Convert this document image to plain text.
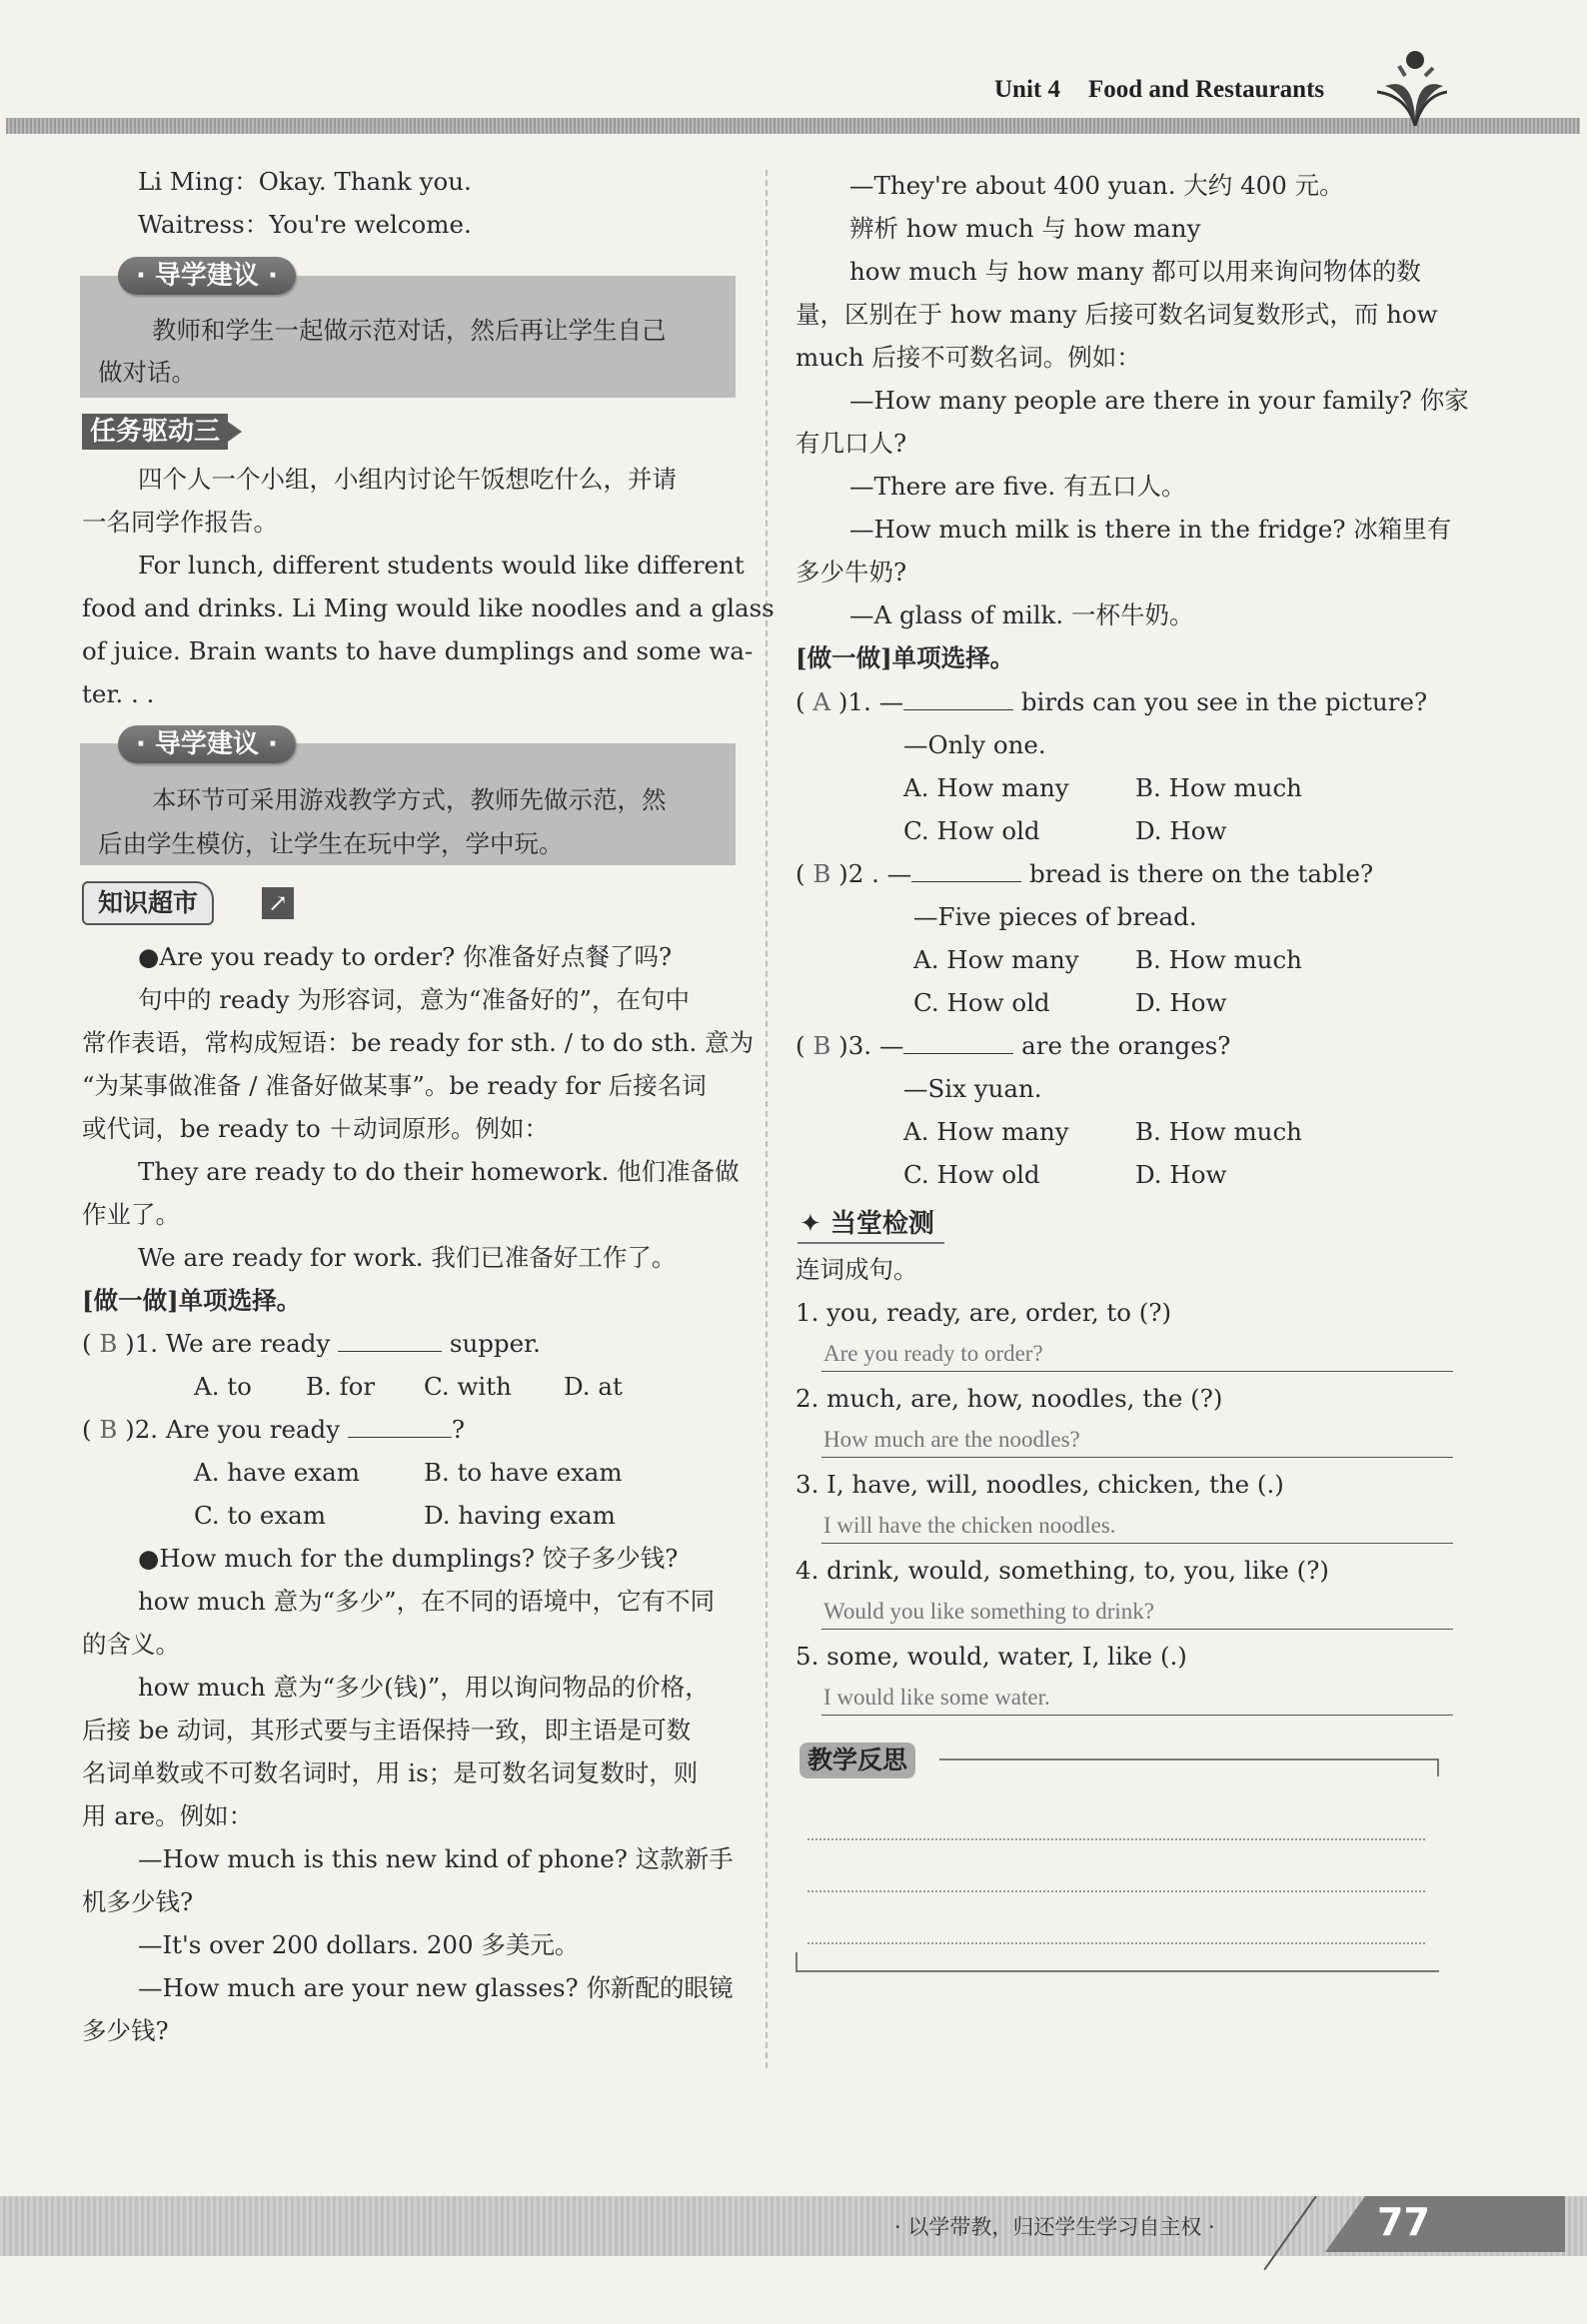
Unit 4 Food and Restaurants
Li Ming：Okay. Thank you.
Waitress：You're welcome.
· 导学建议 ·
教师和学生一起做示范对话，然后再让学生自己
做对话。
任务驱动三
四个人一个小组，小组内讨论午饭想吃什么，并请
一名同学作报告。
For lunch, different students would like different
food and drinks. Li Ming would like noodles and a glass
of juice. Brain wants to have dumplings and some wa-
ter. . .
· 导学建议 ·
本环节可采用游戏教学方式，教师先做示范，然
后由学生模仿，让学生在玩中学，学中玩。
知识超市	↗
●Are you ready to order? 你准备好点餐了吗?
句中的 ready 为形容词，意为“准备好的”，在句中
常作表语，常构成短语：be ready for sth. / to do sth. 意为
“为某事做准备 / 准备好做某事”。be ready for 后接名词
或代词，be ready to ＋动词原形。例如：
They are ready to do their homework. 他们准备做
作业了。
We are ready for work. 我们已准备好工作了。
[做一做]单项选择。
( B )1. We are ready	supper.
A. to B. for C. with D. at
( B )2. Are you ready	?
A. have exam	B. to have exam
C. to exam	D. having exam
●How much for the dumplings? 饺子多少钱?
how much 意为“多少”，在不同的语境中，它有不同
的含义。
how much 意为“多少(钱)”，用以询问物品的价格，
后接 be 动词，其形式要与主语保持一致，即主语是可数
名词单数或不可数名词时，用 is；是可数名词复数时，则
用 are。例如：
—How much is this new kind of phone? 这款新手
机多少钱?
—It's over 200 dollars. 200 多美元。
—How much are your new glasses? 你新配的眼镜
多少钱?
—They're about 400 yuan. 大约 400 元。
辨析 how much 与 how many
how much 与 how many 都可以用来询问物体的数
量，区别在于 how many 后接可数名词复数形式，而 how
much 后接不可数名词。例如：
—How many people are there in your family? 你家
有几口人?
—There are five. 有五口人。
—How much milk is there in the fridge? 冰箱里有
多少牛奶?
—A glass of milk. 一杯牛奶。
[做一做]单项选择。
( A )1. —	birds can you see in the picture?
—Only one.
A. How many	B. How much
C. How old	D. How
( B )2 . —	bread is there on the table?
—Five pieces of bread.
A. How many B. How much
C. How old	D. How
( B )3. —	are the oranges?
—Six yuan.
A. How many	B. How much
C. How old	D. How
✦ 当堂检测
连词成句。
1. you, ready, are, order, to (?)
Are you ready to order?
2. much, are, how, noodles, the (?)
How much are the noodles?
3. I, have, will, noodles, chicken, the (.)
I will have the chicken noodles.
4. drink, would, something, to, you, like (?)
Would you like something to drink?
5. some, would, water, I, like (.)
I would like some water.
教学反思
· 以学带教，归还学生学习自主权 ·	77
